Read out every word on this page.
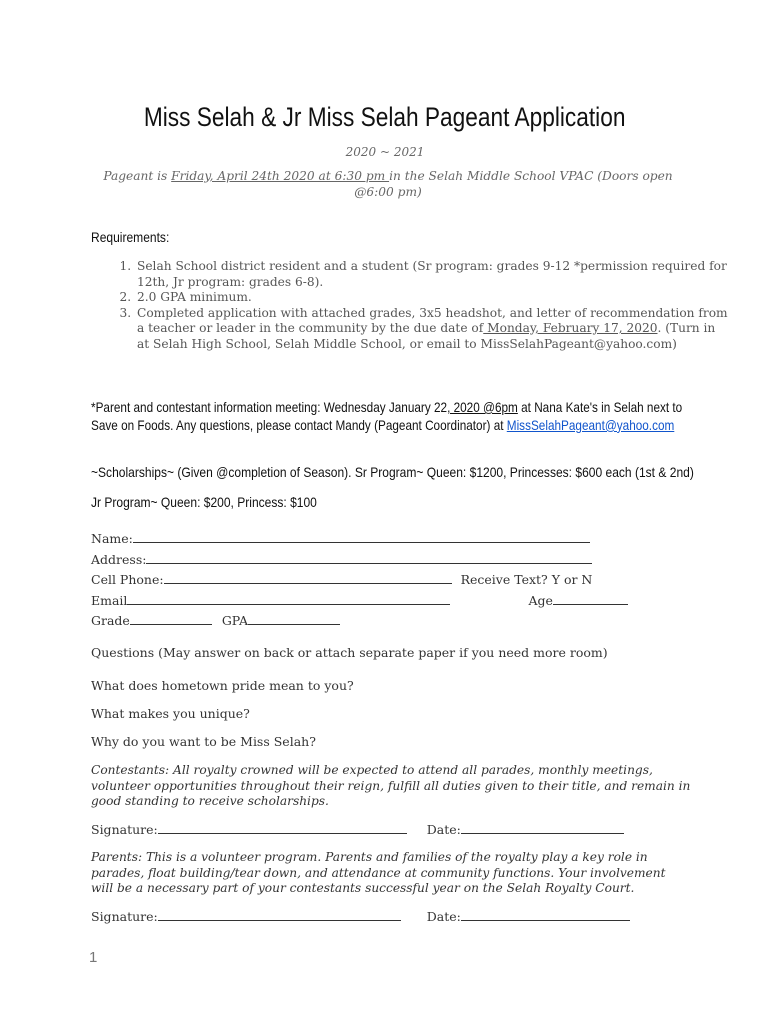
Miss Selah & Jr Miss Selah Pageant Application
2020 ~ 2021
Pageant is Friday, April 24th 2020 at 6:30 pm in the Selah Middle School VPAC (Doors open @6:00 pm)
Requirements:
1. Selah School district resident and a student (Sr program: grades 9-12 *permission required for 12th, Jr program: grades 6-8).
2. 2.0 GPA minimum.
3. Completed application with attached grades, 3x5 headshot, and letter of recommendation from a teacher or leader in the community by the due date of Monday, February 17, 2020. (Turn in at Selah High School, Selah Middle School, or email to MissSelahPageant@yahoo.com)
*Parent and contestant information meeting: Wednesday January 22, 2020 @6pm at Nana Kate's in Selah next to
Save on Foods. Any questions, please contact Mandy (Pageant Coordinator) at MissSelahPageant@yahoo.com
~Scholarships~ (Given @completion of Season). Sr Program~ Queen: $1200, Princesses: $600 each (1st & 2nd)
Jr Program~ Queen: $200, Princess: $100
Name:
Address:
Cell Phone:	Receive Text? Y or N
Email	Age
Grade	GPA
Questions (May answer on back or attach separate paper if you need more room)
What does hometown pride mean to you?
What makes you unique?
Why do you want to be Miss Selah?
Contestants: All royalty crowned will be expected to attend all parades, monthly meetings, volunteer opportunities throughout their reign, fulfill all duties given to their title, and remain in good standing to receive scholarships.
Signature:	Date:
Parents: This is a volunteer program. Parents and families of the royalty play a key role in parades, float building/tear down, and attendance at community functions. Your involvement will be a necessary part of your contestants successful year on the Selah Royalty Court.
Signature:	Date:
1
